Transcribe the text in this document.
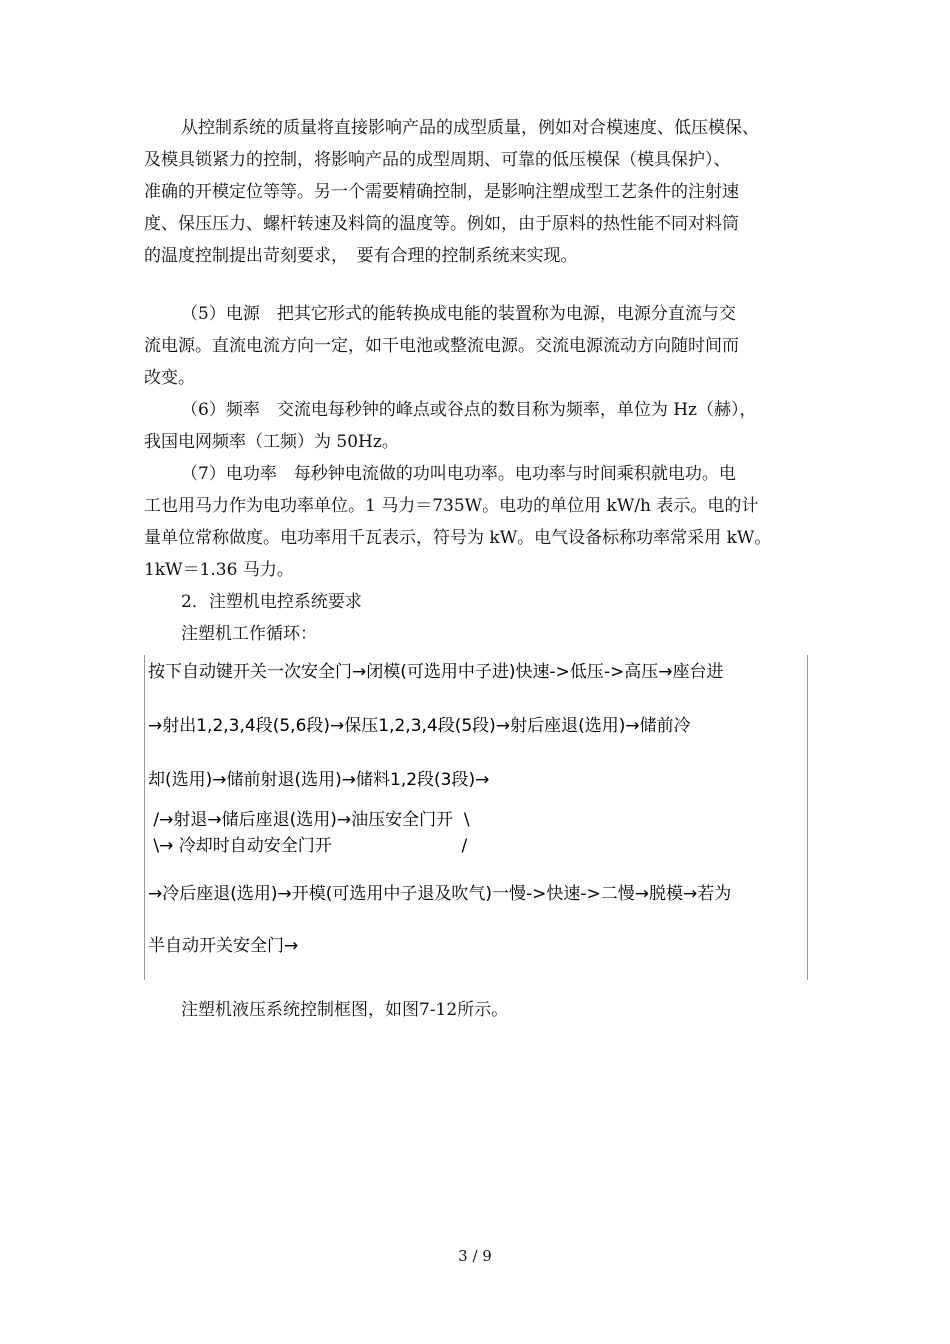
从控制系统的质量将直接影响产品的成型质量，例如对合模速度、低压模保、
及模具锁紧力的控制，将影响产品的成型周期、可靠的低压模保（模具保护）、
准确的开模定位等等。另一个需要精确控制，是影响注塑成型工艺条件的注射速
度、保压压力、螺杆转速及料筒的温度等。例如，由于原料的热性能不同对料筒
的温度控制提出苛刻要求，　要有合理的控制系统来实现。

（5）电源　把其它形式的能转换成电能的装置称为电源，电源分直流与交
流电源。直流电流方向一定，如干电池或整流电源。交流电源流动方向随时间而
改变。
（6）频率　交流电每秒钟的峰点或谷点的数目称为频率，单位为 Hz（赫），
我国电网频率（工频）为 50Hz。
（7）电功率　每秒钟电流做的功叫电功率。电功率与时间乘积就电功。电
工也用马力作为电功率单位。1 马力＝735W。电功的单位用 kW/h 表示。电的计
量单位常称做度。电功率用千瓦表示，符号为 kW。电气设备标称功率常采用 kW。
1kW＝1.36 马力。
2．注塑机电控系统要求
注塑机工作循环：

按下自动键开关一次安全门→闭模(可选用中子进)快速->低压->高压→座台进
→射出1,2,3,4段(5,6段)→保压1,2,3,4段(5段)→射后座退(选用)→储前冷
却(选用)→储前射退(选用)→储料1,2段(3段)→
/→射退→储后座退(选用)→油压安全门开  \
\→ 冷却时自动安全门开                        /
→冷后座退(选用)→开模(可选用中子退及吹气)一慢->快速->二慢→脱模→若为
半自动开关安全门→

注塑机液压系统控制框图，如图7-12所示。

3 / 9
